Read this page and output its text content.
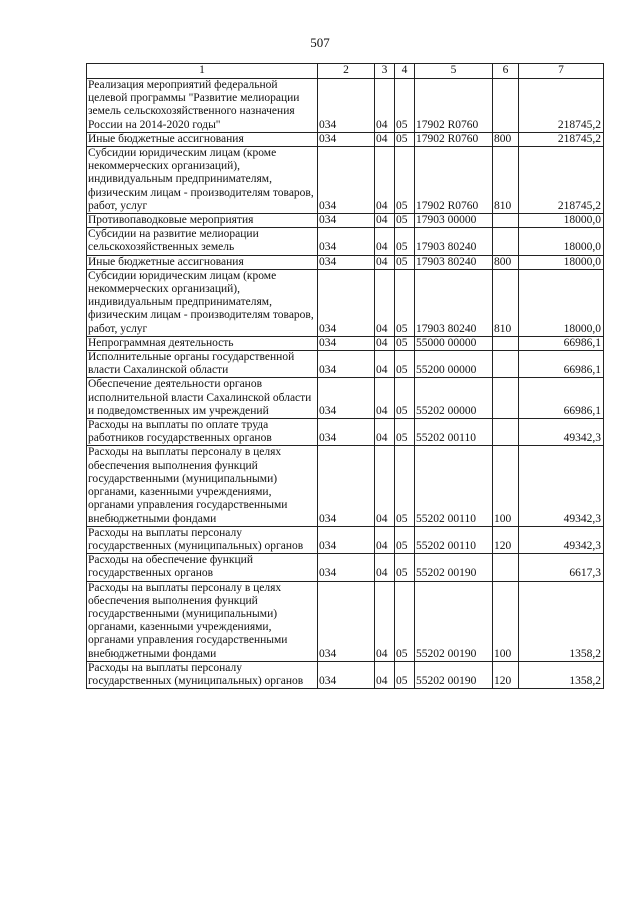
507
1	2	3	4	5	6	7
Реализация мероприятий федеральной целевой программы "Развитие мелиорации земель сельскохозяйственного назначения России на 2014-2020 годы"	034	04	05	17902 R0760		218745,2
Иные бюджетные ассигнования	034	04	05	17902 R0760	800	218745,2
Субсидии юридическим лицам (кроме некоммерческих организаций), индивидуальным предпринимателям, физическим лицам - производителям товаров, работ, услуг	034	04	05	17902 R0760	810	218745,2
Противопаводковые мероприятия	034	04	05	17903 00000		18000,0
Субсидии на развитие мелиорации сельскохозяйственных земель	034	04	05	17903 80240		18000,0
Иные бюджетные ассигнования	034	04	05	17903 80240	800	18000,0
Субсидии юридическим лицам (кроме некоммерческих организаций), индивидуальным предпринимателям, физическим лицам - производителям товаров, работ, услуг	034	04	05	17903 80240	810	18000,0
Непрограммная деятельность	034	04	05	55000 00000		66986,1
Исполнительные органы государственной власти Сахалинской области	034	04	05	55200 00000		66986,1
Обеспечение деятельности органов исполнительной власти Сахалинской области и подведомственных им учреждений	034	04	05	55202 00000		66986,1
Расходы на выплаты по оплате труда работников государственных органов	034	04	05	55202 00110		49342,3
Расходы на выплаты персоналу в целях обеспечения выполнения функций государственными (муниципальными) органами, казенными учреждениями, органами управления государственными внебюджетными фондами	034	04	05	55202 00110	100	49342,3
Расходы на выплаты персоналу государственных (муниципальных) органов	034	04	05	55202 00110	120	49342,3
Расходы на обеспечение функций государственных органов	034	04	05	55202 00190		6617,3
Расходы на выплаты персоналу в целях обеспечения выполнения функций государственными (муниципальными) органами, казенными учреждениями, органами управления государственными внебюджетными фондами	034	04	05	55202 00190	100	1358,2
Расходы на выплаты персоналу государственных (муниципальных) органов	034	04	05	55202 00190	120	1358,2
